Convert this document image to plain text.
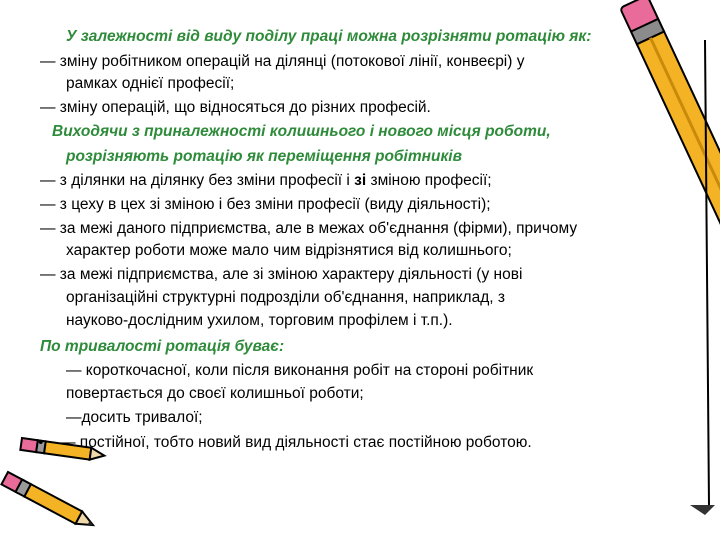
У залежності від виду поділу праці можна розрізняти ротацію як:
— зміну робітником операцій на ділянці (потокової лінії, конвеєрі) у
рамках однієї професії;
— зміну операцій, що відносяться до різних професій.
Виходячи з приналежності колишнього і нового місця роботи,
розрізняють ротацію як переміщення робітників
— з ділянки на ділянку без зміни професії і зі зміною професії;
— з цеху в цех зі зміною і без зміни професії (виду діяльності);
— за межі даного підприємства, але в межах об'єднання (фірми), причому
характер роботи може мало чим відрізнятися від колишнього;
— за межі підприємства, але зі зміною характеру діяльності (у нові
організаційні структурні подрозділи об'єднання, наприклад, з
науково-дослідним ухилом, торговим профілем і т.п.).
По тривалості ротація буває:
— короткочасної, коли після виконання робіт на стороні робітник
повертається до своєї колишньої роботи;
—досить тривалої;
• — постійної, тобто новий вид діяльності стає постійною роботою.
